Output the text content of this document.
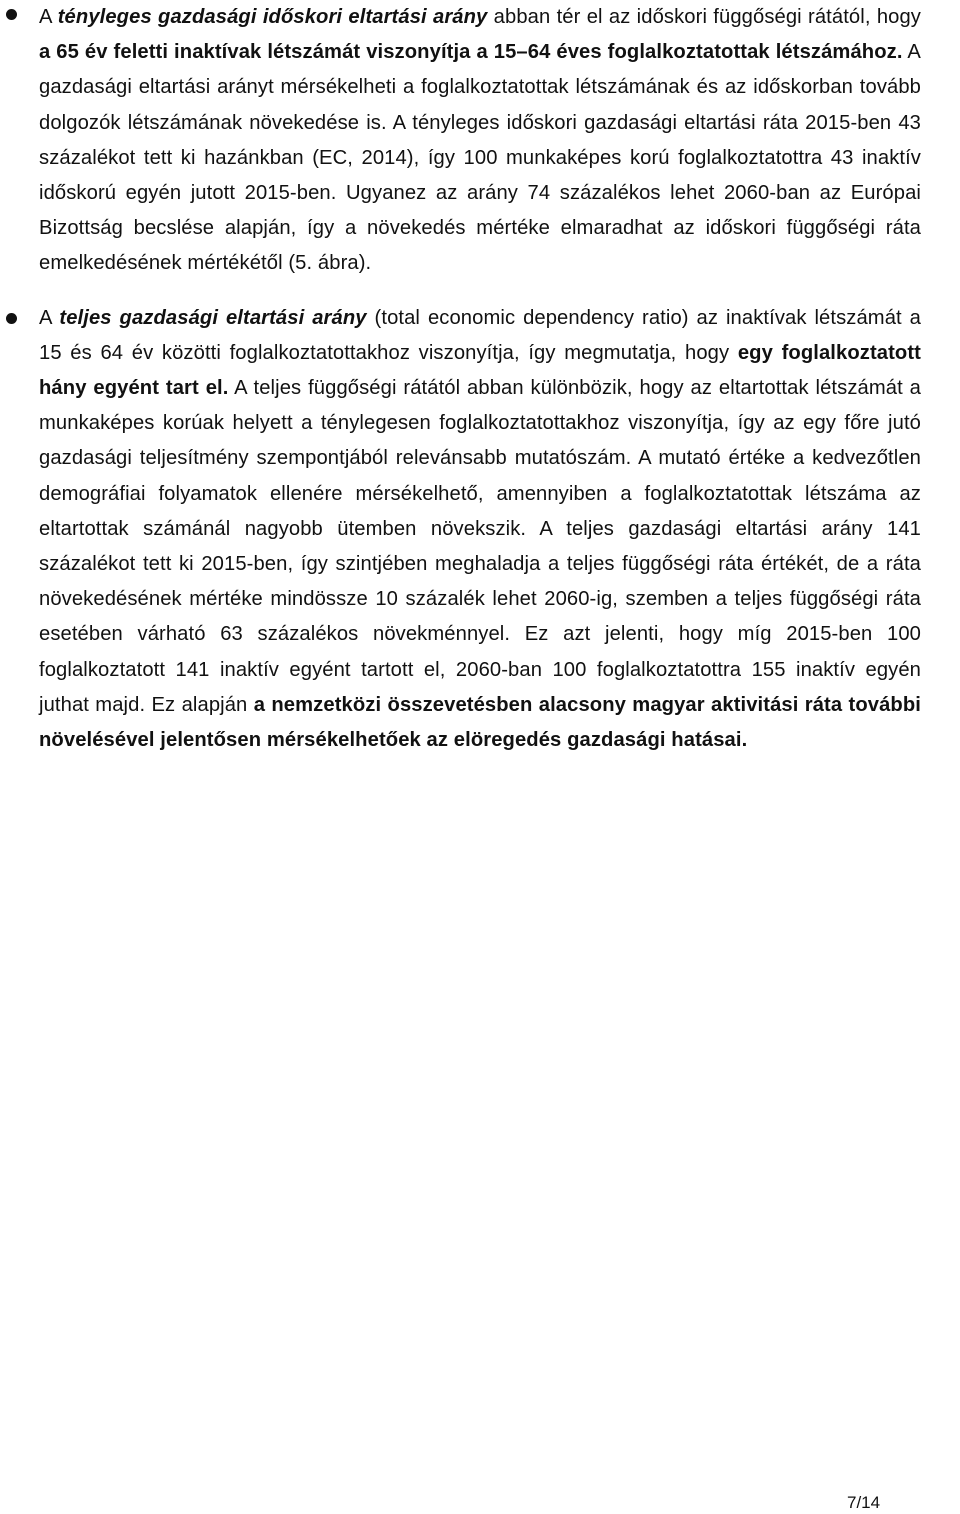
A tényleges gazdasági időskori eltartási arány abban tér el az időskori függőségi rátától, hogy a 65 év feletti inaktívak létszámát viszonyítja a 15–64 éves foglalkoztatottak létszámához. A gazdasági eltartási arányt mérsékelheti a foglalkoztatottak létszámának és az időskorban tovább dolgozók létszámának növekedése is. A tényleges időskori gazdasági eltartási ráta 2015-ben 43 százalékot tett ki hazánkban (EC, 2014), így 100 munkaképes korú foglalkoztatottra 43 inaktív időskorú egyén jutott 2015-ben. Ugyanez az arány 74 százalékos lehet 2060-ban az Európai Bizottság becslése alapján, így a növekedés mértéke elmaradhat az időskori függőségi ráta emelkedésének mértékétől (5. ábra).
A teljes gazdasági eltartási arány (total economic dependency ratio) az inaktívak létszámát a 15 és 64 év közötti foglalkoztatottakhoz viszonyítja, így megmutatja, hogy egy foglalkoztatott hány egyént tart el. A teljes függőségi rátától abban különbözik, hogy az eltartottak létszámát a munkaképes korúak helyett a ténylegesen foglalkoztatottakhoz viszonyítja, így az egy főre jutó gazdasági teljesítmény szempontjából relevánsabb mutatószám. A mutató értéke a kedvezőtlen demográfiai folyamatok ellenére mérsékelhető, amennyiben a foglalkoztatottak létszáma az eltartottak számánál nagyobb ütemben növekszik. A teljes gazdasági eltartási arány 141 százalékot tett ki 2015-ben, így szintjében meghaladja a teljes függőségi ráta értékét, de a ráta növekedésének mértéke mindössze 10 százalék lehet 2060-ig, szemben a teljes függőségi ráta esetében várható 63 százalékos növekménnyel. Ez azt jelenti, hogy míg 2015-ben 100 foglalkoztatott 141 inaktív egyént tartott el, 2060-ban 100 foglalkoztatottra 155 inaktív egyén juthat majd. Ez alapján a nemzetközi összevetésben alacsony magyar aktivitási ráta további növelésével jelentősen mérsékelhetőek az elöregedés gazdasági hatásai.
7/14
